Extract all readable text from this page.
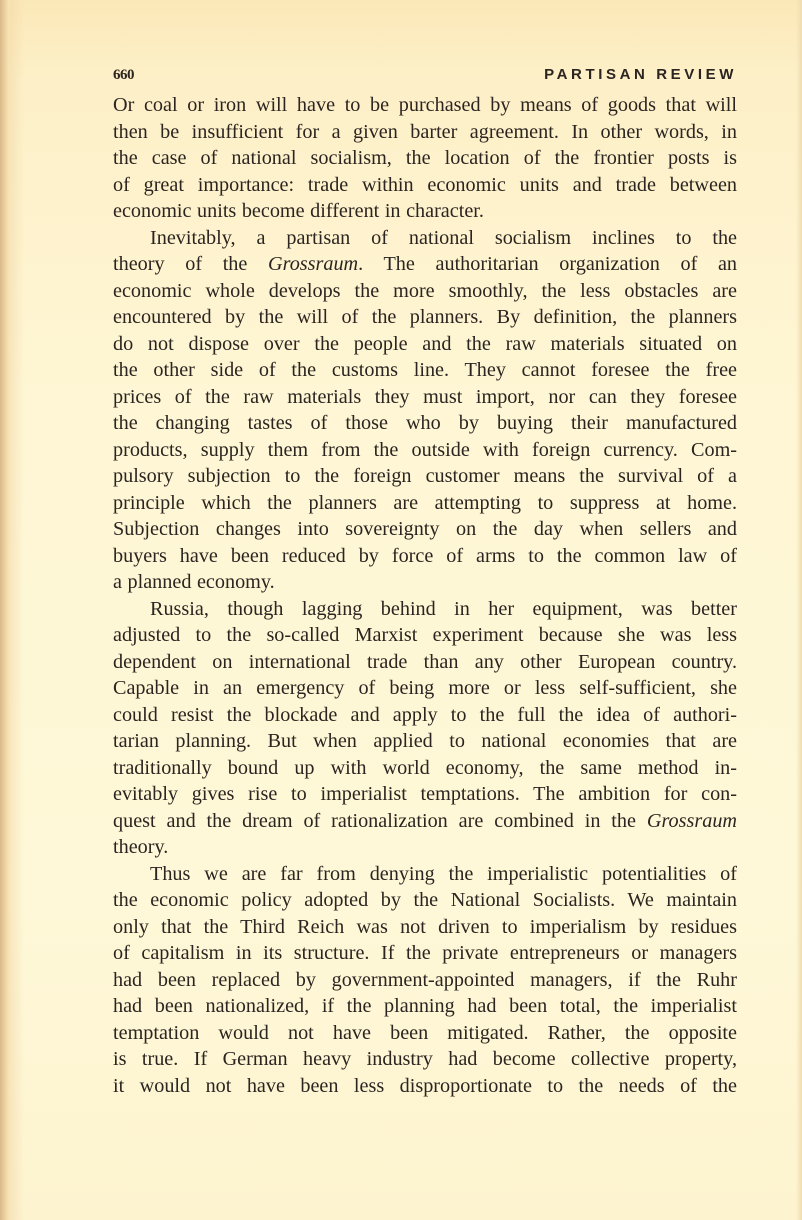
660	PARTISAN REVIEW
Or coal or iron will have to be purchased by means of goods that will
then be insufficient for a given barter agreement. In other words, in
the case of national socialism, the location of the frontier posts is
of great importance: trade within economic units and trade between
economic units become different in character.
Inevitably, a partisan of national socialism inclines to the
theory of the Grossraum. The authoritarian organization of an
economic whole develops the more smoothly, the less obstacles are
encountered by the will of the planners. By definition, the planners
do not dispose over the people and the raw materials situated on
the other side of the customs line. They cannot foresee the free
prices of the raw materials they must import, nor can they foresee
the changing tastes of those who by buying their manufactured
products, supply them from the outside with foreign currency. Com-
pulsory subjection to the foreign customer means the survival of a
principle which the planners are attempting to suppress at home.
Subjection changes into sovereignty on the day when sellers and
buyers have been reduced by force of arms to the common law of
a planned economy.
Russia, though lagging behind in her equipment, was better
adjusted to the so-called Marxist experiment because she was less
dependent on international trade than any other European country.
Capable in an emergency of being more or less self-sufficient, she
could resist the blockade and apply to the full the idea of authori-
tarian planning. But when applied to national economies that are
traditionally bound up with world economy, the same method in-
evitably gives rise to imperialist temptations. The ambition for con-
quest and the dream of rationalization are combined in the Grossraum
theory.
Thus we are far from denying the imperialistic potentialities of
the economic policy adopted by the National Socialists. We maintain
only that the Third Reich was not driven to imperialism by residues
of capitalism in its structure. If the private entrepreneurs or managers
had been replaced by government-appointed managers, if the Ruhr
had been nationalized, if the planning had been total, the imperialist
temptation would not have been mitigated. Rather, the opposite
is true. If German heavy industry had become collective property,
it would not have been less disproportionate to the needs of the
